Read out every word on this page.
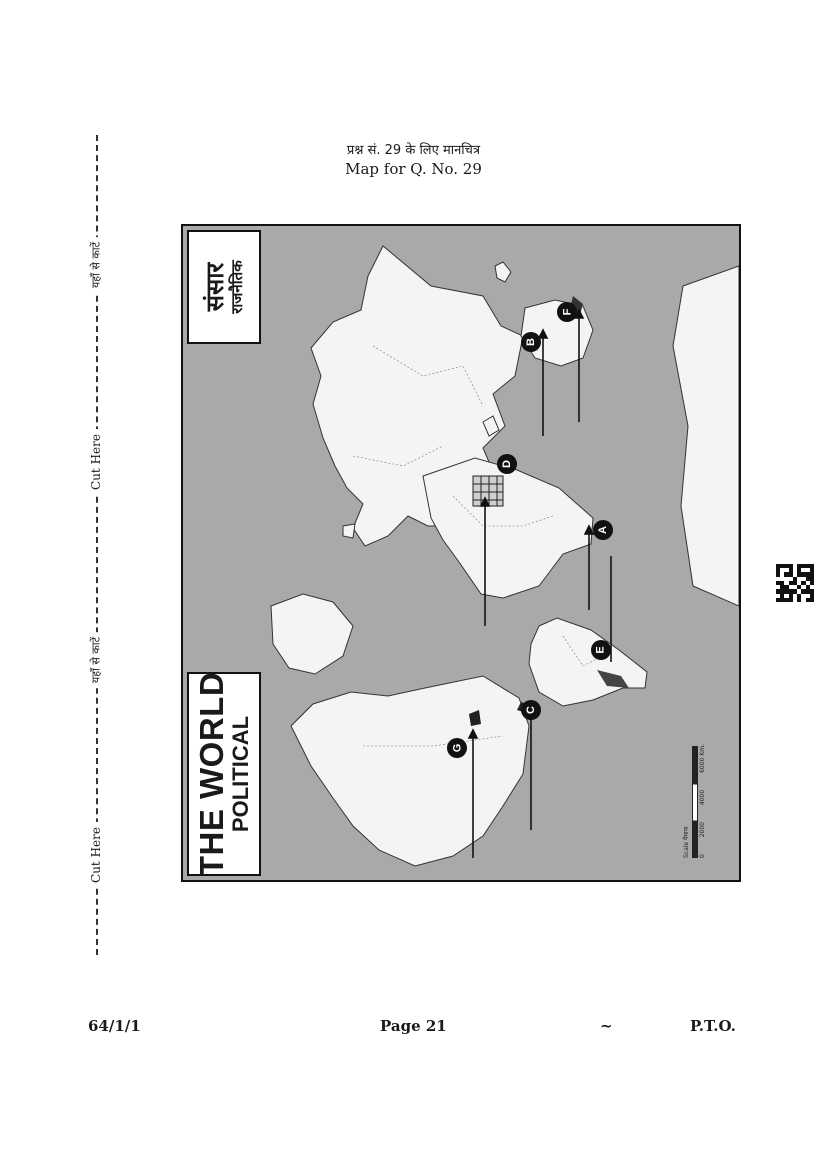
प्रश्न सं. 29 के लिए मानचित्र
Map for Q. No. 29
यहाँ से काटें
Cut Here
यहाँ से काटें
Cut Here	THE WORLD
POLITICAL
संसार राजनैतिक
Scale पैमाना 0
2000
4000
6000 Km.
A
B
C
D
E
F
G
64/1/1	Page 21	~	P.T.O.
